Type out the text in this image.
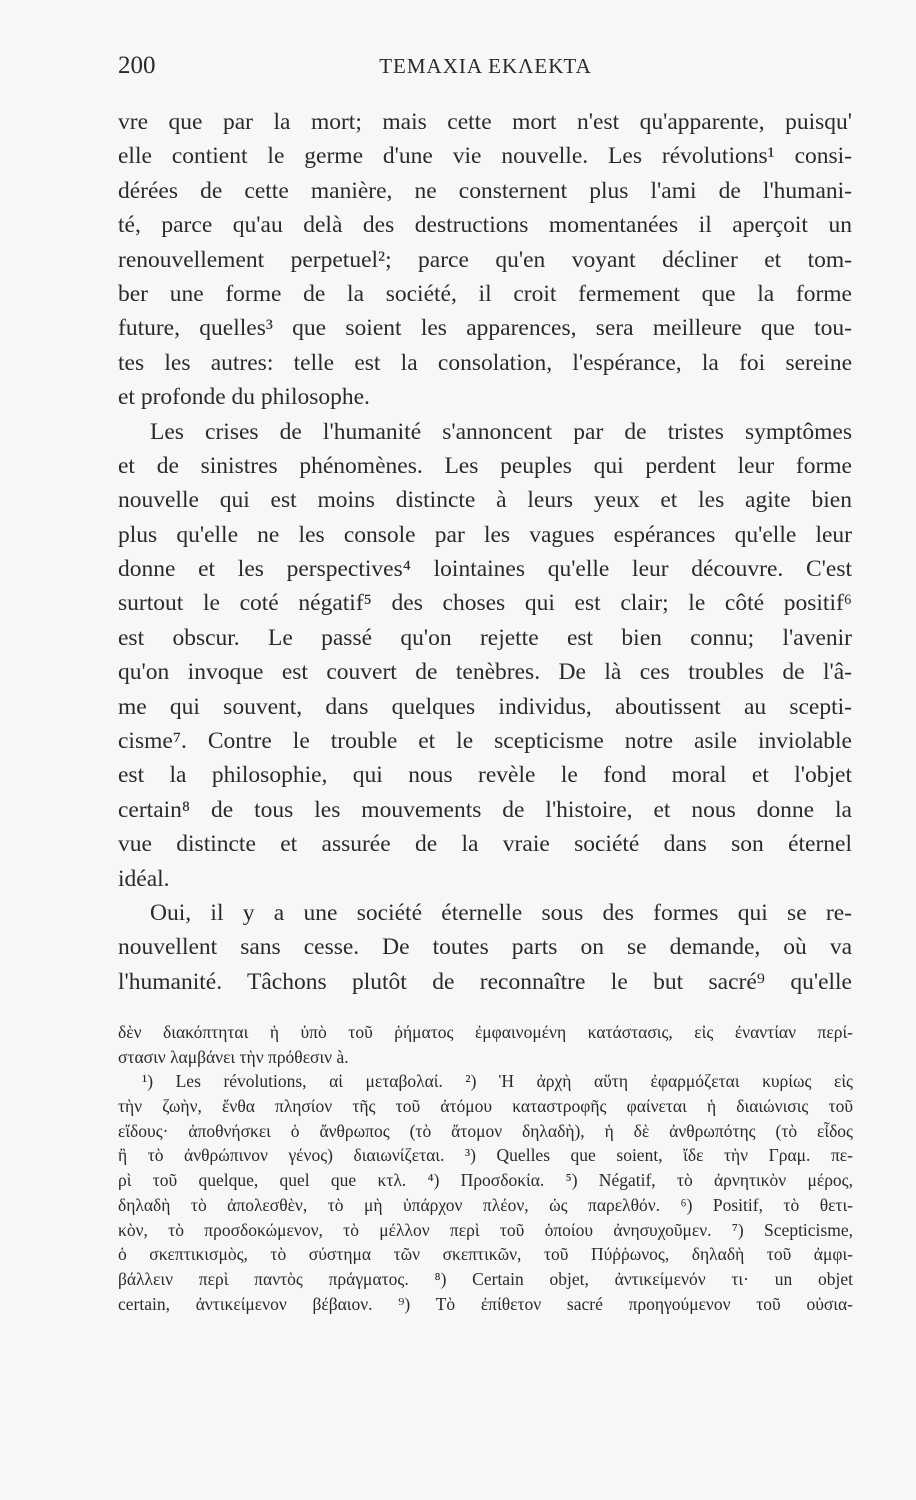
200	ΤΕΜΑΧΙΑ ΕΚΛΕΚΤΑ
vre que par la mort; mais cette mort n'est qu'apparente, puisqu'
elle contient le germe d'une vie nouvelle. Les révolutions¹ consi-
dérées de cette manière, ne consternent plus l'ami de l'humani-
té, parce qu'au delà des destructions momentanées il aperçoit un
renouvellement perpetuel²; parce qu'en voyant décliner et tom-
ber une forme de la société, il croit fermement que la forme
future, quelles³ que soient les apparences, sera meilleure que tou-
tes les autres: telle est la consolation, l'espérance, la foi sereine
et profonde du philosophe.
Les crises de l'humanité s'annoncent par de tristes symptômes
et de sinistres phénomènes. Les peuples qui perdent leur forme
nouvelle qui est moins distincte à leurs yeux et les agite bien
plus qu'elle ne les console par les vagues espérances qu'elle leur
donne et les perspectives⁴ lointaines qu'elle leur découvre. C'est
surtout le coté négatif⁵ des choses qui est clair; le côté positif⁶
est obscur. Le passé qu'on rejette est bien connu; l'avenir
qu'on invoque est couvert de tenèbres. De là ces troubles de l'â-
me qui souvent, dans quelques individus, aboutissent au scepti-
cisme⁷. Contre le trouble et le scepticisme notre asile inviolable
est la philosophie, qui nous revèle le fond moral et l'objet
certain⁸ de tous les mouvements de l'histoire, et nous donne la
vue distincte et assurée de la vraie société dans son éternel
idéal.
Oui, il y a une société éternelle sous des formes qui se re-
nouvellent sans cesse. De toutes parts on se demande, où va
l'humanité. Tâchons plutôt de reconnaître le but sacré⁹ qu'elle
δὲν διακόπτηται ἡ ὑπὸ τοῦ ῥήματος ἐμφαινομένη κατάστασις, εἰς ἐναντίαν περί-
στασιν λαμβάνει τὴν πρόθεσιν à.
¹) Les révolutions, αἱ μεταβολαί. ²) Ἡ ἀρχὴ αὕτη ἐφαρμόζεται κυρίως εἰς
τὴν ζωὴν, ἔνθα πλησίον τῆς τοῦ ἀτόμου καταστροφῆς φαίνεται ἡ διαιώνισις τοῦ
εἴδους· ἀποθνήσκει ὁ ἄνθρωπος (τὸ ἄτομον δηλαδὴ), ἡ δὲ ἀνθρωπότης (τὸ εἶδος
ἢ τὸ ἀνθρώπινον γένος) διαιωνίζεται. ³) Quelles que soient, ἴδε τὴν Γραμ. πε-
ρὶ τοῦ quelque, quel que κτλ. ⁴) Προσδοκία. ⁵) Négatif, τὸ ἀρνητικὸν μέρος,
δηλαδὴ τὸ ἀπολεσθὲν, τὸ μὴ ὑπάρχον πλέον, ὡς παρελθόν. ⁶) Positif, τὸ θετι-
κὸν, τὸ προσδοκώμενον, τὸ μέλλον περὶ τοῦ ὁποίου ἀνησυχοῦμεν. ⁷) Scepticisme,
ὁ σκεπτικισμὸς, τὸ σύστημα τῶν σκεπτικῶν, τοῦ Πύῤῥωνος, δηλαδὴ τοῦ ἀμφι-
βάλλειν περὶ παντὸς πράγματος. ⁸) Certain objet, ἀντικείμενόν τι· un objet
certain, ἀντικείμενον βέβαιον. ⁹) Τὸ ἐπίθετον sacré προηγούμενον τοῦ οὐσια-
